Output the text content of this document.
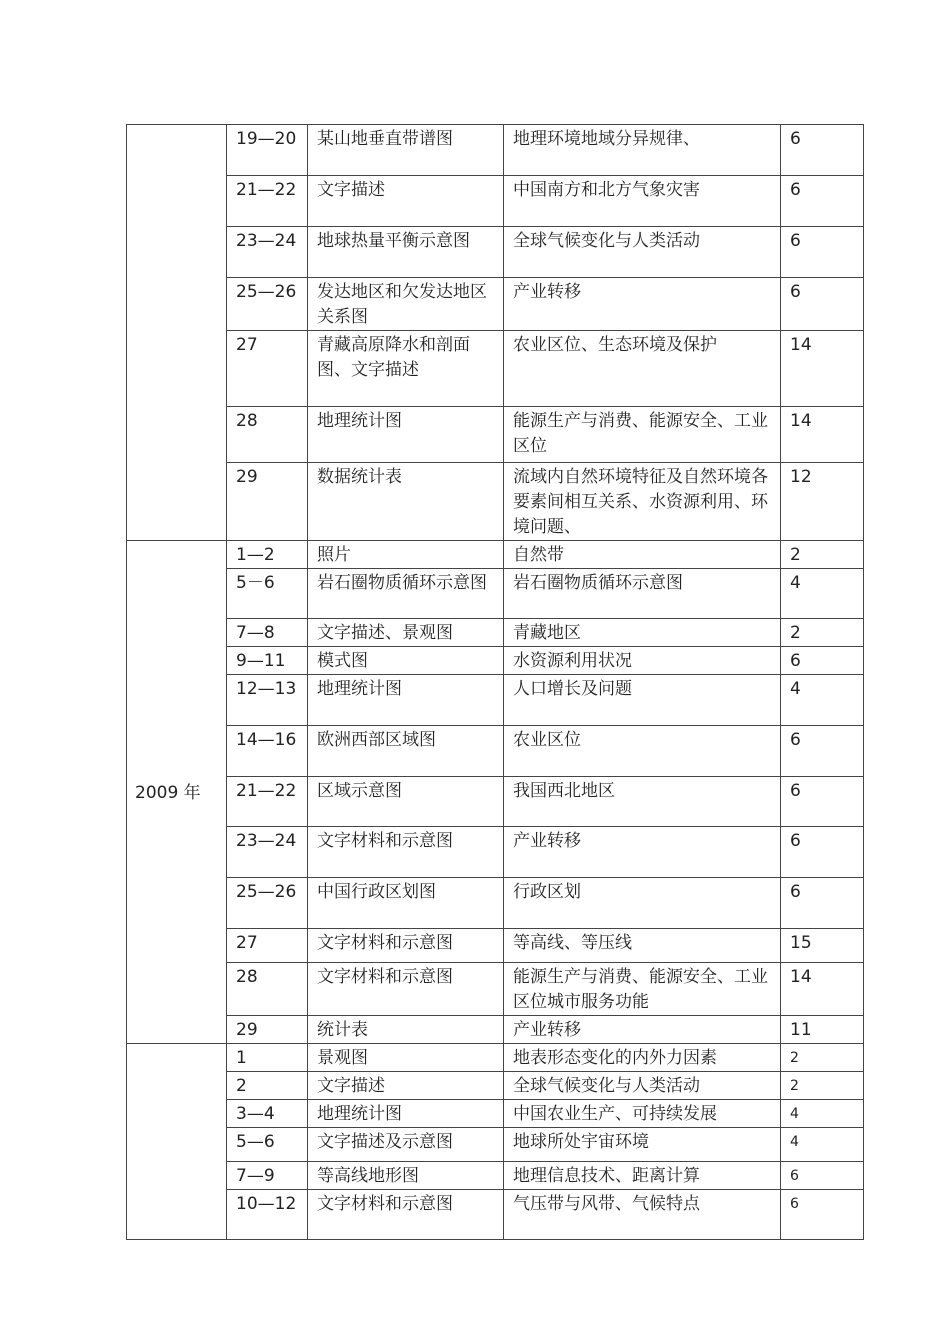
	19—20	某山地垂直带谱图	地理环境地域分异规律、	6
	21—22	文字描述	中国南方和北方气象灾害	6
	23—24	地球热量平衡示意图	全球气候变化与人类活动	6
	25—26	发达地区和欠发达地区关系图	产业转移	6
	27	青藏高原降水和剖面图、文字描述	农业区位、生态环境及保护	14
	28	地理统计图	能源生产与消费、能源安全、工业区位	14
	29	数据统计表	流域内自然环境特征及自然环境各要素间相互关系、水资源利用、环境问题、	12
2009 年	1—2	照片	自然带	2
	5－6	岩石圈物质循环示意图	岩石圈物质循环示意图	4
	7—8	文字描述、景观图	青藏地区	2
	9—11	模式图	水资源利用状况	6
	12—13	地理统计图	人口增长及问题	4
	14—16	欧洲西部区域图	农业区位	6
	21—22	区域示意图	我国西北地区	6
	23—24	文字材料和示意图	产业转移	6
	25—26	中国行政区划图	行政区划	6
	27	文字材料和示意图	等高线、等压线	15
	28	文字材料和示意图	能源生产与消费、能源安全、工业区位城市服务功能	14
	29	统计表	产业转移	11
	1	景观图	地表形态变化的内外力因素	2
	2	文字描述	全球气候变化与人类活动	2
	3—4	地理统计图	中国农业生产、可持续发展	4
	5—6	文字描述及示意图	地球所处宇宙环境	4
	7—9	等高线地形图	地理信息技术、距离计算	6
	10—12	文字材料和示意图	气压带与风带、气候特点	6
